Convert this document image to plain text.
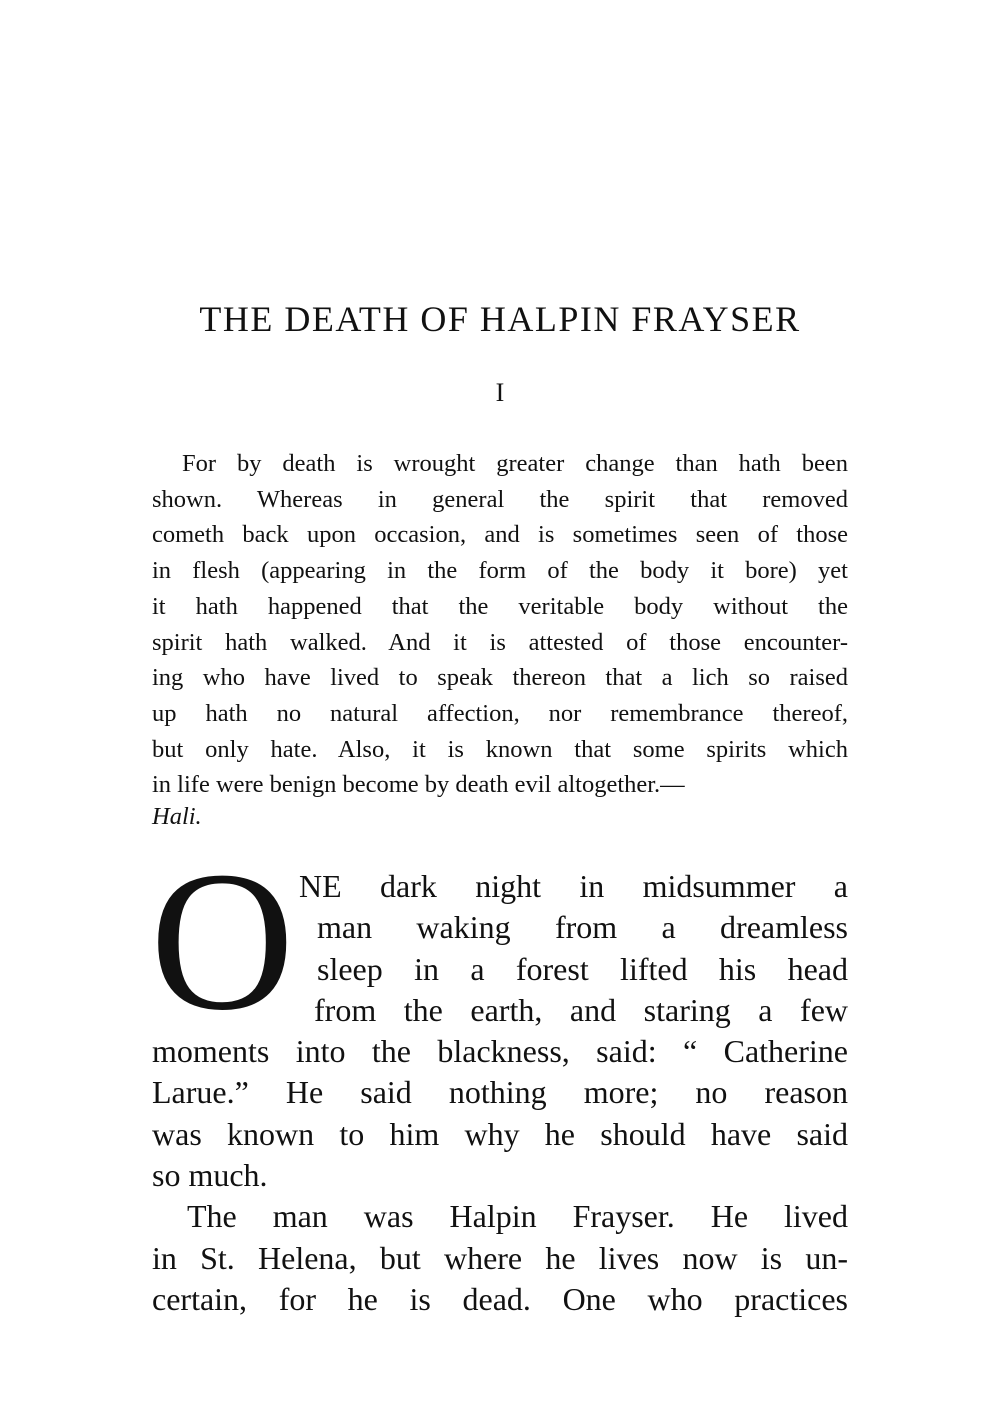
THE DEATH OF HALPIN FRAYSER
I
For by death is wrought greater change than hath been
shown. Whereas in general the spirit that removed
cometh back upon occasion, and is sometimes seen of those
in flesh (appearing in the form of the body it bore) yet
it hath happened that the veritable body without the
spirit hath walked. And it is attested of those encounter-
ing who have lived to speak thereon that a lich so raised
up hath no natural affection, nor remembrance thereof,
but only hate. Also, it is known that some spirits which
in life were benign become by death evil altogether.—
Hali.
O NE dark night in midsummer a
man waking from a dreamless
sleep in a forest lifted his head
from the earth, and staring a few
moments into the blackness, said: “ Catherine
Larue.” He said nothing more; no reason
was known to him why he should have said
so much.
The man was Halpin Frayser. He lived
in St. Helena, but where he lives now is un-
certain, for he is dead. One who practices
